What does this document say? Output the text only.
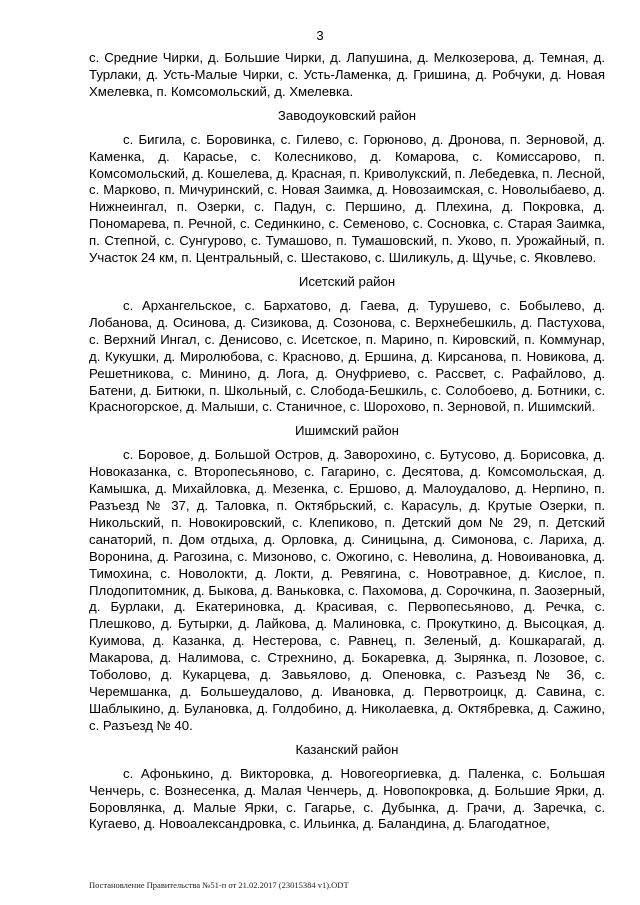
3

с. Средние Чирки, д. Большие Чирки, д. Лапушина, д. Мелкозерова, д. Темная, д. Турлаки, д. Усть-Малые Чирки, с. Усть-Ламенка, д. Гришина, д. Робчуки, д. Новая Хмелевка, п. Комсомольский, д. Хмелевка.

Заводоуковский район

с. Бигила, с. Боровинка, с. Гилево, с. Горюново, д. Дронова, п. Зерновой, д. Каменка, д. Карасье, с. Колесниково, д. Комарова, с. Комиссарово, п. Комсомольский, д. Кошелева, д. Красная, п. Криволукский, п. Лебедевка, п. Лесной, с. Марково, п. Мичуринский, с. Новая Заимка, д. Новозаимская, с. Новолыбаево, д. Нижнеингал, п. Озерки, с. Падун, с. Першино, д. Плехина, д. Покровка, д. Пономарева, п. Речной, с. Сединкино, с. Семеново, с. Сосновка, с. Старая Заимка, п. Степной, с. Сунгурово, с. Тумашово, п. Тумашовский, п. Уково, п. Урожайный, п. Участок 24 км, п. Центральный, с. Шестаково, с. Шиликуль, д. Щучье, с. Яковлево.

Исетский район

с. Архангельское, с. Бархатово, д. Гаева, д. Турушево, с. Бобылево, д. Лобанова, д. Осинова, д. Сизикова, д. Созонова, с. Верхнебешкиль, д. Пастухова, с. Верхний Ингал, с. Денисово, с. Исетское, п. Марино, п. Кировский, п. Коммунар, д. Кукушки, д. Миролюбова, с. Красново, д. Ершина, д. Кирсанова, п. Новикова, д. Решетникова, с. Минино, д. Лога, д. Онуфриево, с. Рассвет, с. Рафайлово, д. Батени, д. Битюки, п. Школьный, с. Слобода-Бешкиль, с. Солобоево, д. Ботники, с. Красногорское, д. Малыши, с. Станичное, с. Шорохово, п. Зерновой, п. Ишимский.

Ишимский район

с. Боровое, д. Большой Остров, д. Заворохино, с. Бутусово, д. Борисовка, д. Новоказанка, с. Второпесьяново, с. Гагарино, с. Десятова, д. Комсомольская, д. Камышка, д. Михайловка, д. Мезенка, с. Ершово, д. Малоудалово, д. Нерпино, п. Разъезд № 37, д. Таловка, п. Октябрьский, с. Карасуль, д. Крутые Озерки, п. Никольский, п. Новокировский, с. Клепиково, п. Детский дом № 29, п. Детский санаторий, п. Дом отдыха, д. Орловка, д. Синицына, д. Симонова, с. Лариха, д. Воронина, д. Рагозина, с. Мизоново, с. Ожогино, с. Неволина, д. Новоивановка, д. Тимохина, с. Новолокти, д. Локти, д. Ревягина, с. Новотравное, д. Кислое, п. Плодопитомник, д. Быкова, д. Ваньковка, с. Пахомова, д. Сорочкина, п. Заозерный, д. Бурлаки, д. Екатериновка, д. Красивая, с. Первопесьяново, д. Речка, с. Плешково, д. Бутырки, д. Лайкова, д. Малиновка, с. Прокуткино, д. Высоцкая, д. Куимова, д. Казанка, д. Нестерова, с. Равнец, п. Зеленый, д. Кошкарагай, д. Макарова, д. Налимова, с. Стрехнино, д. Бокаревка, д. Зырянка, п. Лозовое, с. Тоболово, д. Кукарцева, д. Завьялово, д. Опеновка, с. Разъезд № 36, с. Черемшанка, д. Большеудалово, д. Ивановка, д. Первотроицк, д. Савина, с. Шаблыкино, д. Булановка, д. Голдобино, д. Николаевка, д. Октябревка, д. Сажино, с. Разъезд № 40.

Казанский район

с. Афонькино, д. Викторовка, д. Новогеоргиевка, д. Паленка, с. Большая Ченчерь, с. Вознесенка, д. Малая Ченчерь, д. Новопокровка, д. Большие Ярки, д. Боровлянка, д. Малые Ярки, с. Гагарье, с. Дубынка, д. Грачи, д. Заречка, с. Кугаево, д. Новоалександровка, с. Ильинка, д. Баландина, д. Благодатное,

Постановление Правительства №51-п от 21.02.2017 (23015384 v1).ODT
